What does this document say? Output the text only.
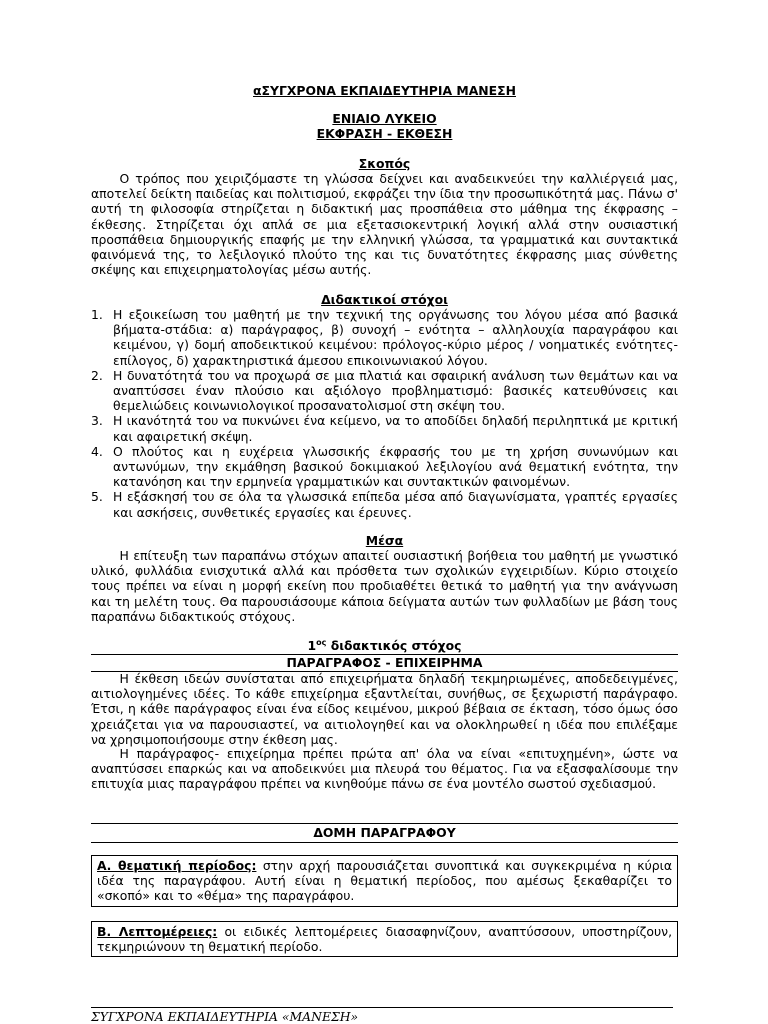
αΣΥΓΧΡΟΝΑ ΕΚΠΑΙΔΕΥΤΗΡΙΑ ΜΑΝΕΣΗ
ΕΝΙΑΙΟ ΛΥΚΕΙΟ
ΕΚΦΡΑΣΗ - ΕΚΘΕΣΗ
Σκοπός
Ο τρόπος που χειριζόμαστε τη γλώσσα δείχνει και αναδεικνεύει την καλλιέργειά μας, αποτελεί δείκτη παιδείας και πολιτισμού, εκφράζει την ίδια την προσωπικότητά μας. Πάνω σ' αυτή τη φιλοσοφία στηρίζεται η διδακτική μας προσπάθεια στο μάθημα της έκφρασης – έκθεσης. Στηρίζεται όχι απλά σε μια εξετασιοκεντρική λογική αλλά στην ουσιαστική προσπάθεια δημιουργικής επαφής με την ελληνική γλώσσα, τα γραμματικά και συντακτικά φαινόμενά της, το λεξιλογικό πλούτο της και τις δυνατότητες έκφρασης μιας σύνθετης σκέψης και επιχειρηματολογίας μέσω αυτής.
Διδακτικοί στόχοι
1. Η εξοικείωση του μαθητή με την τεχνική της οργάνωσης του λόγου μέσα από βασικά βήματα-στάδια: α) παράγραφος, β) συνοχή – ενότητα – αλληλουχία παραγράφου και κειμένου, γ) δομή αποδεικτικού κειμένου: πρόλογος-κύριο μέρος / νοηματικές ενότητες-επίλογος, δ) χαρακτηριστικά άμεσου επικοινωνιακού λόγου.
2. Η δυνατότητά του να προχωρά σε μια πλατιά και σφαιρική ανάλυση των θεμάτων και να αναπτύσσει έναν πλούσιο και αξιόλογο προβληματισμό: βασικές κατευθύνσεις και θεμελιώδεις κοινωνιολογικοί προσανατολισμοί στη σκέψη του.
3. Η ικανότητά του να πυκνώνει ένα κείμενο, να το αποδίδει δηλαδή περιληπτικά με κριτική και αφαιρετική σκέψη.
4. Ο πλούτος και η ευχέρεια γλωσσικής έκφρασής του με τη χρήση συνωνύμων και αντωνύμων, την εκμάθηση βασικού δοκιμιακού λεξιλογίου ανά θεματική ενότητα, την κατανόηση και την ερμηνεία γραμματικών και συντακτικών φαινομένων.
5. Η εξάσκησή του σε όλα τα γλωσσικά επίπεδα μέσα από διαγωνίσματα, γραπτές εργασίες και ασκήσεις, συνθετικές εργασίες και έρευνες.
Μέσα
Η επίτευξη των παραπάνω στόχων απαιτεί ουσιαστική βοήθεια του μαθητή με γνωστικό υλικό, φυλλάδια ενισχυτικά αλλά και πρόσθετα των σχολικών εγχειριδίων. Κύριο στοιχείο τους πρέπει να είναι η μορφή εκείνη που προδιαθέτει θετικά το μαθητή για την ανάγνωση και τη μελέτη τους. Θα παρουσιάσουμε κάποια δείγματα αυτών των φυλλαδίων με βάση τους παραπάνω διδακτικούς στόχους.
$1^{o\varsigma}$ διδακτικός στόχος
ΠΑΡΑΓΡΑΦΟΣ - ΕΠΙΧΕΙΡΗΜΑ
Η έκθεση ιδεών συνίσταται από επιχειρήματα δηλαδή τεκμηριωμένες, αποδεδειγμένες, αιτιολογημένες ιδέες. Το κάθε επιχείρημα εξαντλείται, συνήθως, σε ξεχωριστή παράγραφο. Έτσι, η κάθε παράγραφος είναι ένα είδος κειμένου, μικρού βέβαια σε έκταση, τόσο όμως όσο χρειάζεται για να παρουσιαστεί, να αιτιολογηθεί και να ολοκληρωθεί η ιδέα που επιλέξαμε να χρησιμοποιήσουμε στην έκθεση μας.
Η παράγραφος- επιχείρημα πρέπει πρώτα απ' όλα να είναι «επιτυχημένη», ώστε να αναπτύσσει επαρκώς και να αποδεικνύει μια πλευρά του θέματος. Για να εξασφαλίσουμε την επιτυχία μιας παραγράφου πρέπει να κινηθούμε πάνω σε ένα μοντέλο σωστού σχεδιασμού.
ΔΟΜΗ ΠΑΡΑΓΡΑΦΟΥ
Α. θεματική περίοδος: στην αρχή παρουσιάζεται συνοπτικά και συγκεκριμένα η κύρια ιδέα της παραγράφου. Αυτή είναι η θεματική περίοδος, που αμέσως ξεκαθαρίζει το «σκοπό» και το «θέμα» της παραγράφου.
Β. Λεπτομέρειες: οι ειδικές λεπτομέρειες διασαφηνίζουν, αναπτύσσουν, υποστηρίζουν, τεκμηριώνουν τη θεματική περίοδο.
ΣΥΓΧΡΟΝΑ ΕΚΠΑΙΔΕΥΤΗΡΙΑ «ΜΑΝΕΣΗ»
